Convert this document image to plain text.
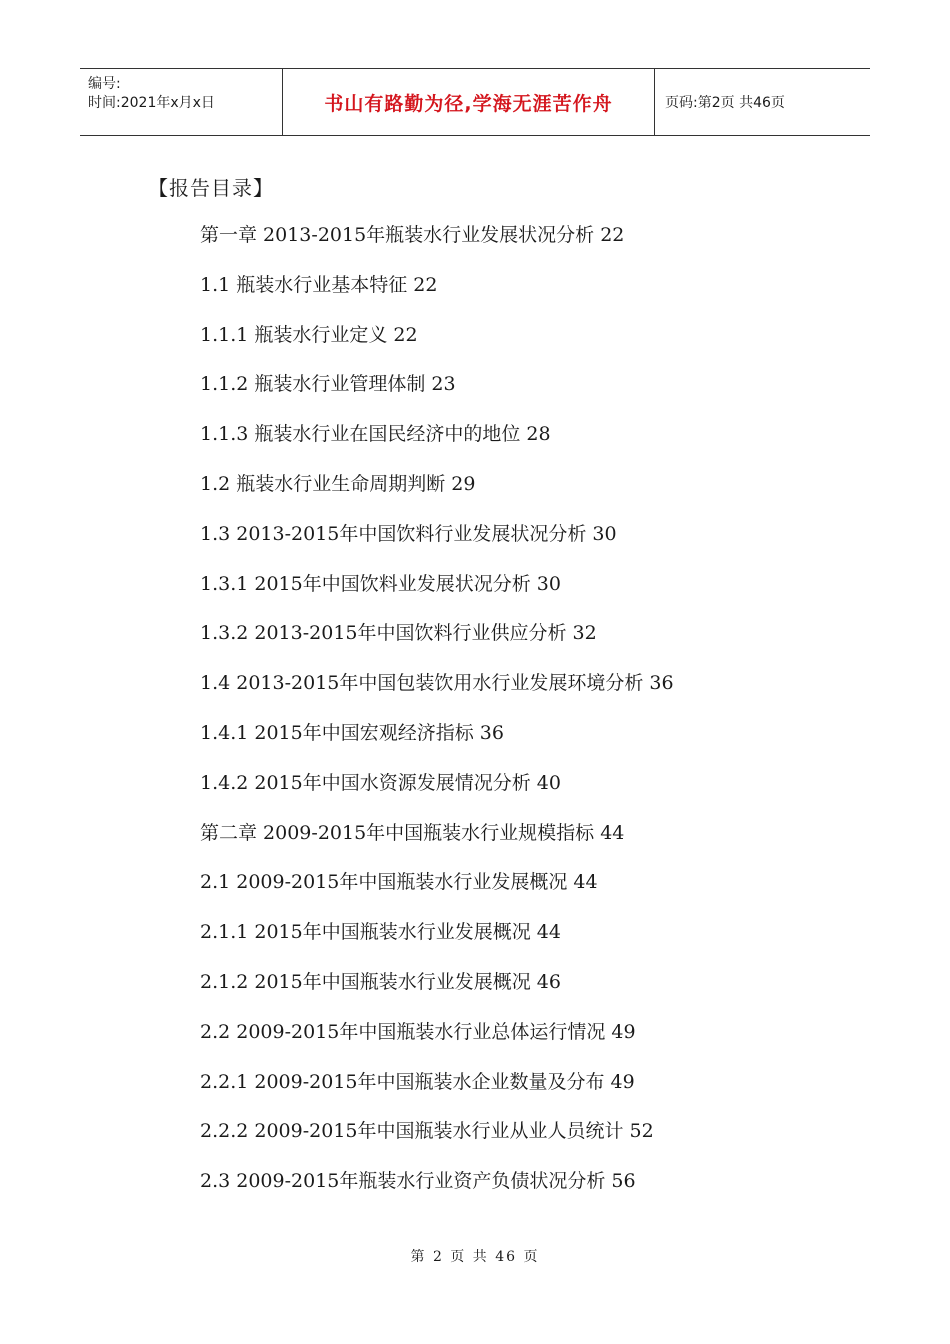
编号:
时间:2021年x月x日	书山有路勤为径,学海无涯苦作舟	页码:第2页 共46页
【报告目录】
第一章 2013-2015年瓶装水行业发展状况分析 22
1.1 瓶装水行业基本特征 22
1.1.1 瓶装水行业定义 22
1.1.2 瓶装水行业管理体制 23
1.1.3 瓶装水行业在国民经济中的地位 28
1.2 瓶装水行业生命周期判断 29
1.3 2013-2015年中国饮料行业发展状况分析 30
1.3.1 2015年中国饮料业发展状况分析 30
1.3.2 2013-2015年中国饮料行业供应分析 32
1.4 2013-2015年中国包装饮用水行业发展环境分析 36
1.4.1 2015年中国宏观经济指标 36
1.4.2 2015年中国水资源发展情况分析 40
第二章 2009-2015年中国瓶装水行业规模指标 44
2.1 2009-2015年中国瓶装水行业发展概况 44
2.1.1 2015年中国瓶装水行业发展概况 44
2.1.2 2015年中国瓶装水行业发展概况 46
2.2 2009-2015年中国瓶装水行业总体运行情况 49
2.2.1 2009-2015年中国瓶装水企业数量及分布 49
2.2.2 2009-2015年中国瓶装水行业从业人员统计 52
2.3 2009-2015年瓶装水行业资产负债状况分析 56
第 2 页 共 46 页
